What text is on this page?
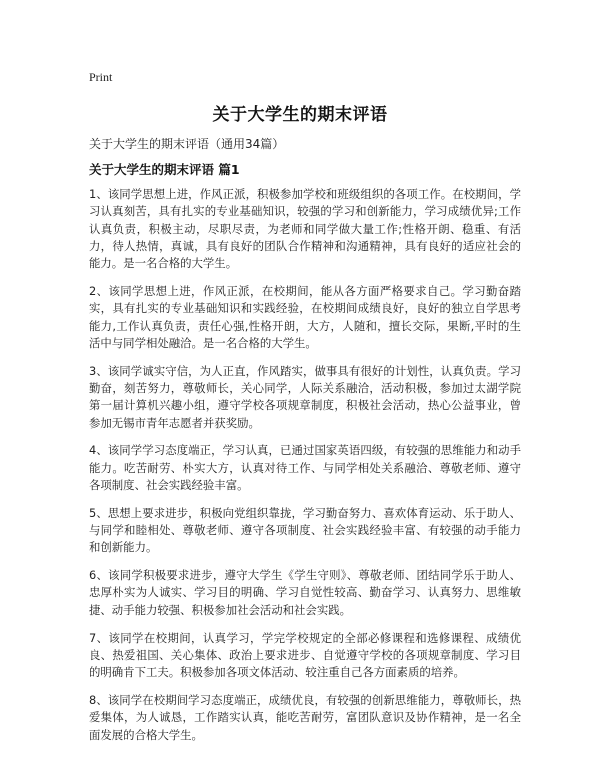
Print
关于大学生的期末评语
关于大学生的期末评语（通用34篇）
关于大学生的期末评语 篇1

1、该同学思想上进，作风正派，积极参加学校和班级组织的各项工作。在校期间，学习认真刻苦，具有扎实的专业基础知识，较强的学习和创新能力，学习成绩优异;工作认真负责，积极主动，尽职尽责，为老师和同学做大量工作;性格开朗、稳重、有活力，待人热情，真诚，具有良好的团队合作精神和沟通精神，具有良好的适应社会的能力。是一名合格的大学生。

2、该同学思想上进，作风正派，在校期间，能从各方面严格要求自己。学习勤奋踏实，具有扎实的专业基础知识和实践经验，在校期间成绩良好，良好的独立自学思考能力,工作认真负责，责任心强,性格开朗，大方，人随和，擅长交际，果断,平时的生活中与同学相处融洽。是一名合格的大学生。

3、该同学诚实守信，为人正直，作风踏实，做事具有很好的计划性，认真负责。学习勤奋，刻苦努力，尊敬师长，关心同学，人际关系融洽，活动积极，参加过太湖学院 第一届计算机兴趣小组，遵守学校各项规章制度，积极社会活动，热心公益事业，曾参加无锡市青年志愿者并获奖励。

4、该同学学习态度端正，学习认真，已通过国家英语四级，有较强的思维能力和动手能力。吃苦耐劳、朴实大方，认真对待工作、与同学相处关系融洽、尊敬老师、遵守各项制度、社会实践经验丰富。

5、思想上要求进步，积极向党组织靠拢，学习勤奋努力、喜欢体育运动、乐于助人、与同学和睦相处、尊敬老师、遵守各项制度、社会实践经验丰富、有较强的动手能力和创新能力。

6、该同学积极要求进步，遵守大学生《学生守则》、尊敬老师、团结同学乐于助人、忠厚朴实为人诚实、学习目的明确、学习自觉性较高、勤奋学习、认真努力、思维敏捷、动手能力较强、积极参加社会活动和社会实践。

7、该同学在校期间，认真学习，学完学校规定的全部必修课程和选修课程、成绩优良、热爱祖国、关心集体、政治上要求进步、自觉遵守学校的各项规章制度、学习目的明确肯下工夫。积极参加各项文体活动、较注重自己各方面素质的培养。

8、该同学在校期间学习态度端正，成绩优良，有较强的创新思维能力，尊敬师长，热爱集体，为人诚恳，工作踏实认真，能吃苦耐劳，富团队意识及协作精神，是一名全面发展的合格大学生。
